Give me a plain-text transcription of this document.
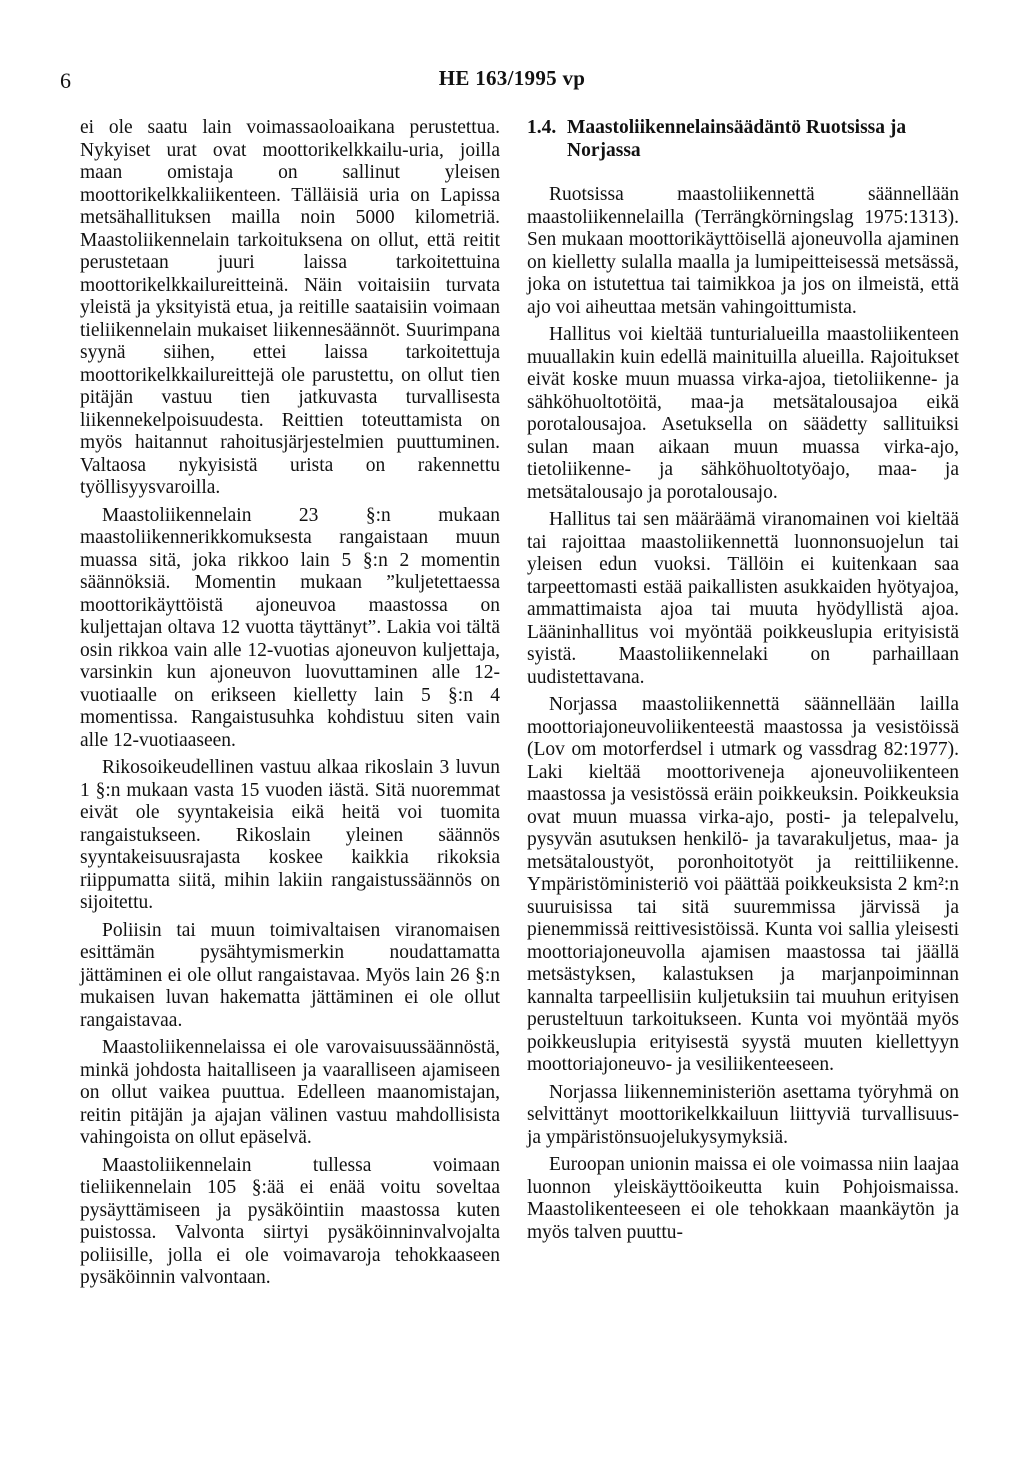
6	HE 163/1995 vp

ei ole saatu lain voimassaoloaikana perustettua. Nykyiset urat ovat moottorikelkkailu-uria, joilla maan omistaja on sallinut yleisen moottorikelkkaliikenteen. Tälläisiä uria on Lapissa metsähallituksen mailla noin 5000 kilometriä. Maastoliikennelain tarkoituksena on ollut, että reitit perustetaan juuri laissa tarkoitettuina moottorikelkkailureitteinä. Näin voitaisiin turvata yleistä ja yksityistä etua, ja reitille saataisiin voimaan tieliikennelain mukaiset liikennesäännöt. Suurimpana syynä siihen, ettei laissa tarkoitettuja moottorikelkkailureittejä ole parustettu, on ollut tien pitäjän vastuu tien jatkuvasta turvallisesta liikennekelpoisuudesta. Reittien toteuttamista on myös haitannut rahoitusjärjestelmien puuttuminen. Valtaosa nykyisistä urista on rakennettu työllisyysvaroilla.

Maastoliikennelain 23 §:n mukaan maastoliikennerikkomuksesta rangaistaan muun muassa sitä, joka rikkoo lain 5 §:n 2 momentin säännöksiä. Momentin mukaan ”kuljetettaessa moottorikäyttöistä ajoneuvoa maastossa on kuljettajan oltava 12 vuotta täyttänyt”. Lakia voi tältä osin rikkoa vain alle 12-vuotias ajoneuvon kuljettaja, varsinkin kun ajoneuvon luovuttaminen alle 12-vuotiaalle on erikseen kielletty lain 5 §:n 4 momentissa. Rangaistusuhka kohdistuu siten vain alle 12-vuotiaaseen.

Rikosoikeudellinen vastuu alkaa rikoslain 3 luvun 1 §:n mukaan vasta 15 vuoden iästä. Sitä nuoremmat eivät ole syyntakeisia eikä heitä voi tuomita rangaistukseen. Rikoslain yleinen säännös syyntakeisuusrajasta koskee kaikkia rikoksia riippumatta siitä, mihin lakiin rangaistussäännös on sijoitettu.

Poliisin tai muun toimivaltaisen viranomaisen esittämän pysähtymismerkin noudattamatta jättäminen ei ole ollut rangaistavaa. Myös lain 26 §:n mukaisen luvan hakematta jättäminen ei ole ollut rangaistavaa.

Maastoliikennelaissa ei ole varovaisuussäännöstä, minkä johdosta haitalliseen ja vaaralliseen ajamiseen on ollut vaikea puuttua. Edelleen maanomistajan, reitin pitäjän ja ajajan välinen vastuu mahdollisista vahingoista on ollut epäselvä.

Maastoliikennelain tullessa voimaan tieliikennelain 105 §:ää ei enää voitu soveltaa pysäyttämiseen ja pysäköintiin maastossa kuten puistossa. Valvonta siirtyi pysäköinninvalvojalta poliisille, jolla ei ole voimavaroja tehokkaaseen pysäköinnin valvontaan.

1.4. Maastoliikennelainsäädäntö Ruotsissa ja Norjassa

Ruotsissa maastoliikennettä säännellään maastoliikennelailla (Terrängkörningslag 1975:1313). Sen mukaan moottorikäyttöisellä ajoneuvolla ajaminen on kielletty sulalla maalla ja lumipeitteisessä metsässä, joka on istutettua tai taimikkoa ja jos on ilmeistä, että ajo voi aiheuttaa metsän vahingoittumista.

Hallitus voi kieltää tunturialueilla maastoliikenteen muuallakin kuin edellä mainituilla alueilla. Rajoitukset eivät koske muun muassa virka-ajoa, tietoliikenne- ja sähköhuoltotöitä, maa-ja metsätalousajoa eikä porotalousajoa. Asetuksella on säädetty sallituiksi sulan maan aikaan muun muassa virka-ajo, tietoliikenne- ja sähköhuoltotyöajo, maa- ja metsätalousajo ja porotalousajo.

Hallitus tai sen määräämä viranomainen voi kieltää tai rajoittaa maastoliikennettä luonnonsuojelun tai yleisen edun vuoksi. Tällöin ei kuitenkaan saa tarpeettomasti estää paikallisten asukkaiden hyötyajoa, ammattimaista ajoa tai muuta hyödyllistä ajoa. Lääninhallitus voi myöntää poikkeuslupia erityisistä syistä. Maastoliikennelaki on parhaillaan uudistettavana.

Norjassa maastoliikennettä säännellään lailla moottoriajoneuvoliikenteestä maastossa ja vesistöissä (Lov om motorferdsel i utmark og vassdrag 82:1977). Laki kieltää moottoriveneja ajoneuvoliikenteen maastossa ja vesistössä eräin poikkeuksin. Poikkeuksia ovat muun muassa virka-ajo, posti- ja telepalvelu, pysyvän asutuksen henkilö- ja tavarakuljetus, maa- ja metsätaloustyöt, poronhoitotyöt ja reittiliikenne. Ympäristöministeriö voi päättää poikkeuksista 2 km²:n suuruisissa tai sitä suuremmissa järvissä ja pienemmissä reittivesistöissä. Kunta voi sallia yleisesti moottoriajoneuvolla ajamisen maastossa tai jäällä metsästyksen, kalastuksen ja marjanpoiminnan kannalta tarpeellisiin kuljetuksiin tai muuhun erityisen perusteltuun tarkoitukseen. Kunta voi myöntää myös poikkeuslupia erityisestä syystä muuten kiellettyyn moottoriajoneuvo- ja vesiliikenteeseen.

Norjassa liikenneministeriön asettama työryhmä on selvittänyt moottorikelkkailuun liittyviä turvallisuus- ja ympäristönsuojelukysymyksiä.

Euroopan unionin maissa ei ole voimassa niin laajaa luonnon yleiskäyttöoikeutta kuin Pohjoismaissa. Maastolikenteeseen ei ole tehokkaan maankäytön ja myös talven puuttu-
